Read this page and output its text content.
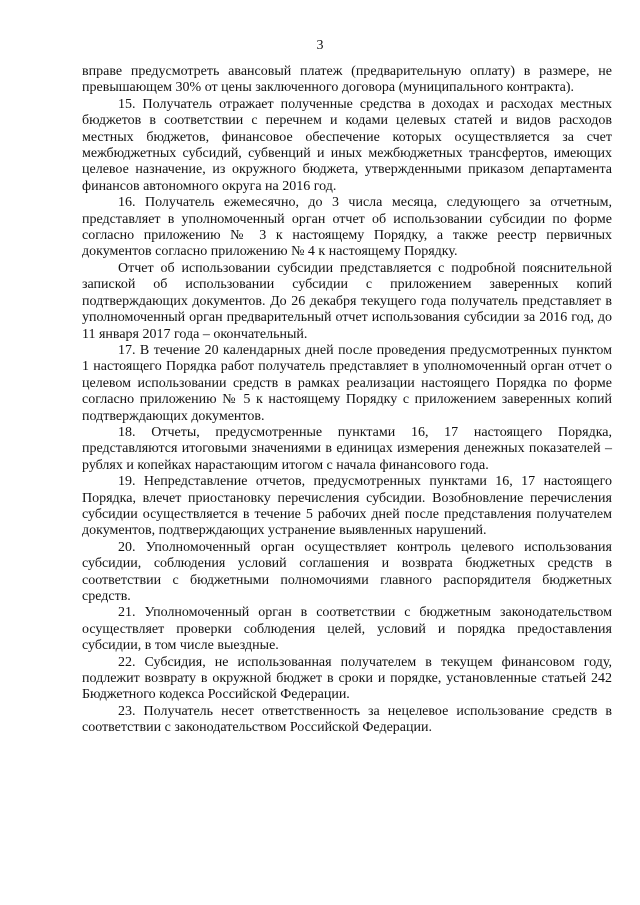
3

вправе предусмотреть авансовый платеж (предварительную оплату) в размере, не превышающем 30% от цены заключенного договора (муниципального контракта).

15. Получатель отражает полученные средства в доходах и расходах местных бюджетов в соответствии с перечнем и кодами целевых статей и видов расходов местных бюджетов, финансовое обеспечение которых осуществляется за счет межбюджетных субсидий, субвенций и иных межбюджетных трансфертов, имеющих целевое назначение, из окружного бюджета, утвержденными приказом департамента финансов автономного округа на 2016 год.

16. Получатель ежемесячно, до 3 числа месяца, следующего за отчетным, представляет в уполномоченный орган отчет об использовании субсидии по форме согласно приложению № 3 к настоящему Порядку, а также реестр первичных документов согласно приложению № 4 к настоящему Порядку.

Отчет об использовании субсидии представляется с подробной пояснительной запиской об использовании субсидии с приложением заверенных копий подтверждающих документов. До 26 декабря текущего года получатель представляет в уполномоченный орган предварительный отчет использования субсидии за 2016 год, до 11 января 2017 года – окончательный.

17. В течение 20 календарных дней после проведения предусмотренных пунктом 1 настоящего Порядка работ получатель представляет в уполномоченный орган отчет о целевом использовании средств в рамках реализации настоящего Порядка по форме согласно приложению № 5 к настоящему Порядку с приложением заверенных копий подтверждающих документов.

18. Отчеты, предусмотренные пунктами 16, 17 настоящего Порядка, представляются итоговыми значениями в единицах измерения денежных показателей – рублях и копейках нарастающим итогом с начала финансового года.

19. Непредставление отчетов, предусмотренных пунктами 16, 17 настоящего Порядка, влечет приостановку перечисления субсидии. Возобновление перечисления субсидии осуществляется в течение 5 рабочих дней после представления получателем документов, подтверждающих устранение выявленных нарушений.

20. Уполномоченный орган осуществляет контроль целевого использования субсидии, соблюдения условий соглашения и возврата бюджетных средств в соответствии с бюджетными полномочиями главного распорядителя бюджетных средств.

21. Уполномоченный орган в соответствии с бюджетным законодательством осуществляет проверки соблюдения целей, условий и порядка предоставления субсидии, в том числе выездные.

22. Субсидия, не использованная получателем в текущем финансовом году, подлежит возврату в окружной бюджет в сроки и порядке, установленные статьей 242 Бюджетного кодекса Российской Федерации.

23. Получатель несет ответственность за нецелевое использование средств в соответствии с законодательством Российской Федерации.
